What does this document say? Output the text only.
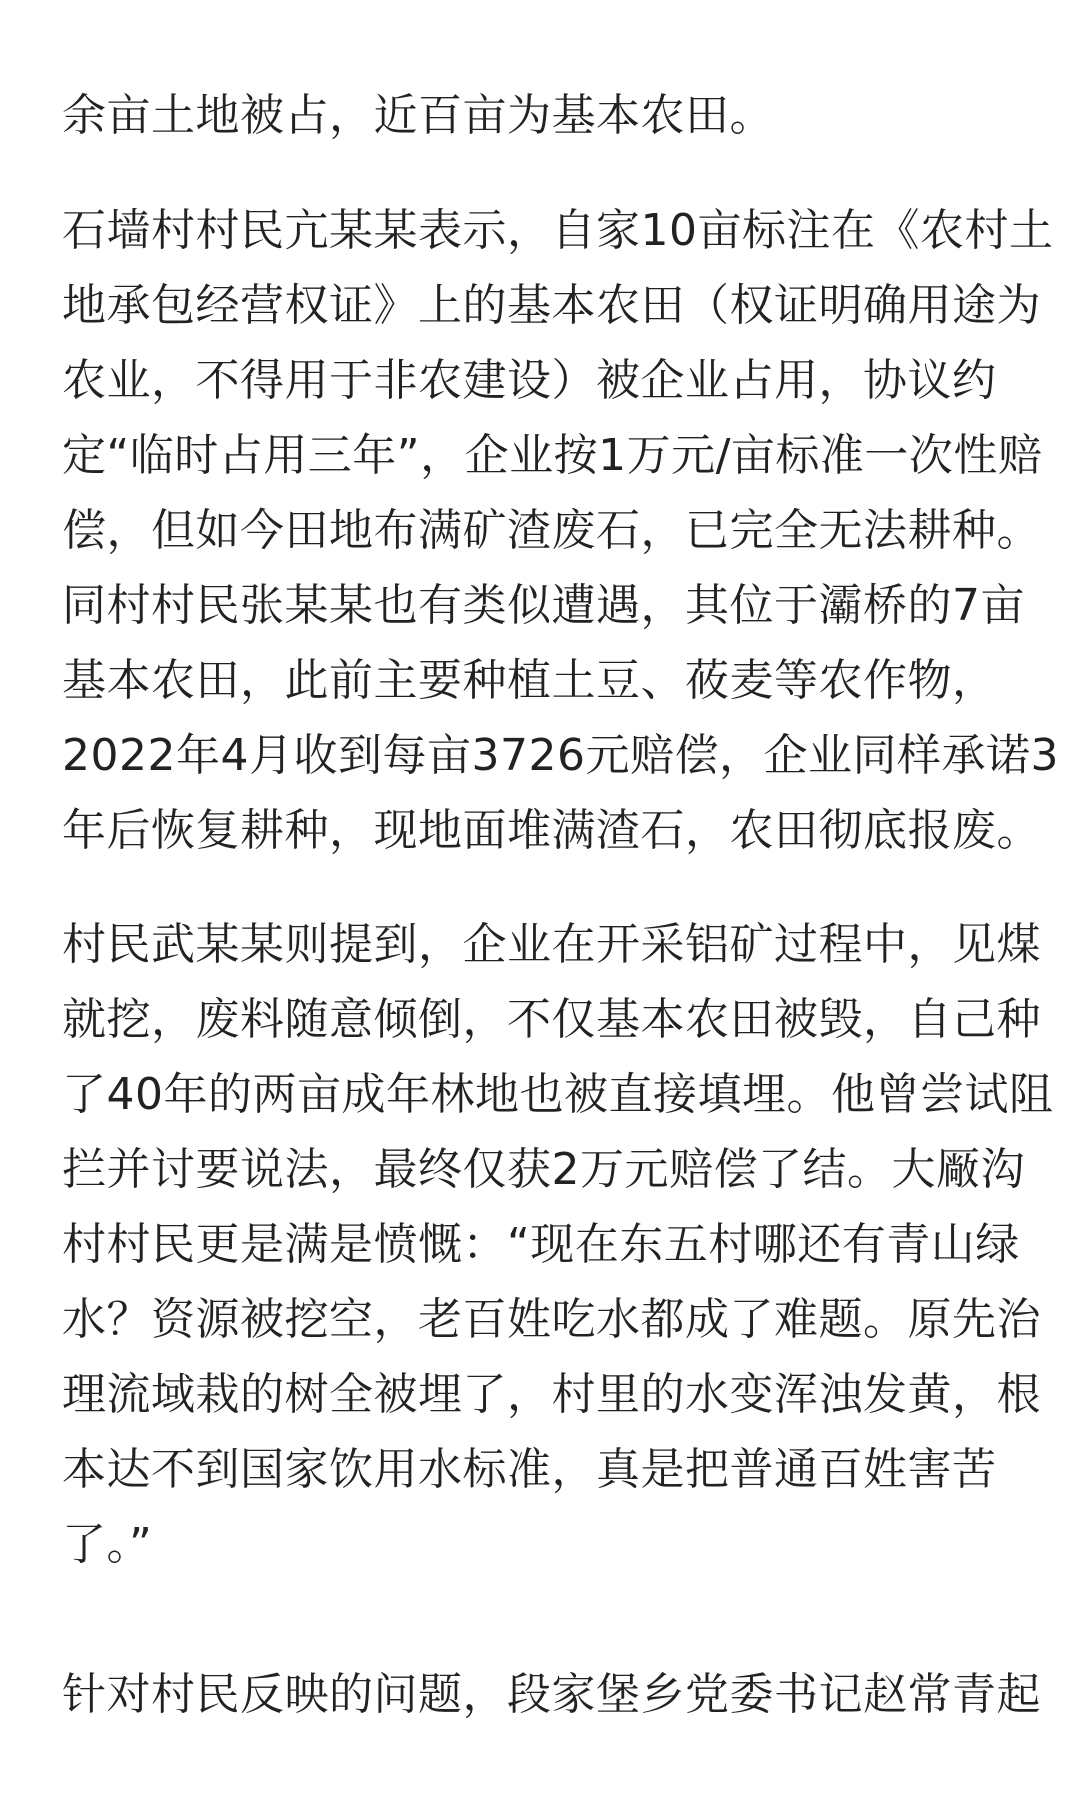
余亩土地被占，近百亩为基本农田。

石墙村村民亢某某表示，自家10亩标注在《农村土
地承包经营权证》上的基本农田（权证明确用途为
农业，不得用于非农建设）被企业占用，协议约
定“临时占用三年”，企业按1万元/亩标准一次性赔
偿，但如今田地布满矿渣废石，已完全无法耕种。
同村村民张某某也有类似遭遇，其位于灞桥的7亩
基本农田，此前主要种植土豆、莜麦等农作物，
2022年4月收到每亩3726元赔偿，企业同样承诺3
年后恢复耕种，现地面堆满渣石，农田彻底报废。

村民武某某则提到，企业在开采铝矿过程中，见煤
就挖，废料随意倾倒，不仅基本农田被毁，自己种
了40年的两亩成年林地也被直接填埋。他曾尝试阻
拦并讨要说法，最终仅获2万元赔偿了结。大厰沟
村村民更是满是愤慨：“现在东五村哪还有青山绿
水？资源被挖空，老百姓吃水都成了难题。原先治
理流域栽的树全被埋了，村里的水变浑浊发黄，根
本达不到国家饮用水标准，真是把普通百姓害苦
了。”

针对村民反映的问题，段家堡乡党委书记赵常青起
